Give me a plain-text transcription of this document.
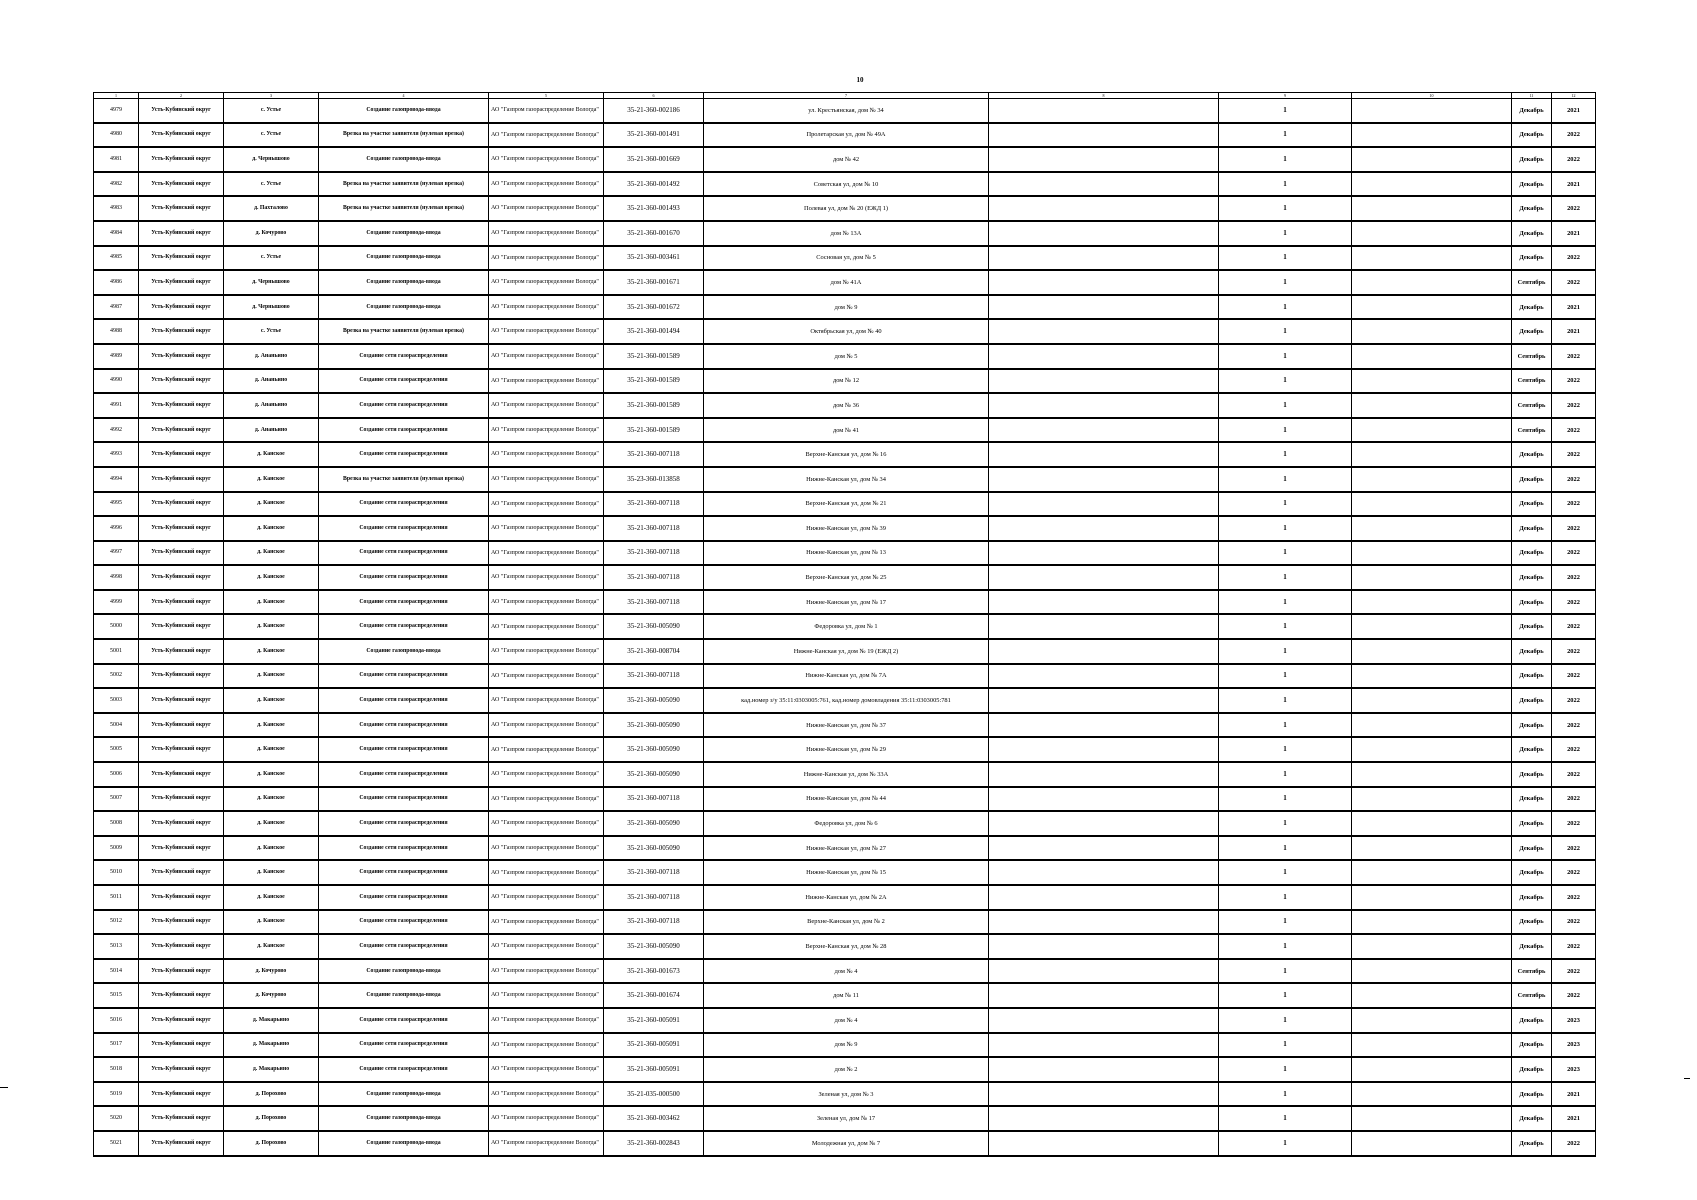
10
1	2	3	4	5	6	7	8	9	10	11	12
4979	Усть-Кубинский округ	с. Устье	Создание газопровода-ввода	АО "Газпром газораспределение Вологда"	35-21-360-002186	ул. Крестьянская, дом № 34		1		Декабрь	2021
4980	Усть-Кубинский округ	с. Устье	Врезка на участке заявителя (нулевая врезка)	АО "Газпром газораспределение Вологда"	35-21-360-001491	Пролетарская ул, дом № 49А		1		Декабрь	2022
4981	Усть-Кубинский округ	д. Чернышово	Создание газопровода-ввода	АО "Газпром газораспределение Вологда"	35-21-360-001669	дом № 42		1		Декабрь	2022
4982	Усть-Кубинский округ	с. Устье	Врезка на участке заявителя (нулевая врезка)	АО "Газпром газораспределение Вологда"	35-21-360-001492	Советская ул, дом № 10		1		Декабрь	2021
4983	Усть-Кубинский округ	д. Пахталово	Врезка на участке заявителя (нулевая врезка)	АО "Газпром газораспределение Вологда"	35-21-360-001493	Полевая ул, дом № 20 (ЕЖД 1)		1		Декабрь	2022
4984	Усть-Кубинский округ	д. Кочурово	Создание газопровода-ввода	АО "Газпром газораспределение Вологда"	35-21-360-001670	дом № 13А		1		Декабрь	2021
4985	Усть-Кубинский округ	с. Устье	Создание газопровода-ввода	АО "Газпром газораспределение Вологда"	35-21-360-003461	Сосновая ул, дом № 5		1		Декабрь	2022
4986	Усть-Кубинский округ	д. Чернышово	Создание газопровода-ввода	АО "Газпром газораспределение Вологда"	35-21-360-001671	дом № 41А		1		Сентябрь	2022
4987	Усть-Кубинский округ	д. Чернышово	Создание газопровода-ввода	АО "Газпром газораспределение Вологда"	35-21-360-001672	дом № 9		1		Декабрь	2021
4988	Усть-Кубинский округ	с. Устье	Врезка на участке заявителя (нулевая врезка)	АО "Газпром газораспределение Вологда"	35-21-360-001494	Октябрьская ул, дом № 40		1		Декабрь	2021
4989	Усть-Кубинский округ	д. Ананьино	Создание сети газораспределения	АО "Газпром газораспределение Вологда"	35-21-360-001589	дом № 5		1		Сентябрь	2022
4990	Усть-Кубинский округ	д. Ананьино	Создание сети газораспределения	АО "Газпром газораспределение Вологда"	35-21-360-001589	дом № 12		1		Сентябрь	2022
4991	Усть-Кубинский округ	д. Ананьино	Создание сети газораспределения	АО "Газпром газораспределение Вологда"	35-21-360-001589	дом № 36		1		Сентябрь	2022
4992	Усть-Кубинский округ	д. Ананьино	Создание сети газораспределения	АО "Газпром газораспределение Вологда"	35-21-360-001589	дом № 41		1		Сентябрь	2022
4993	Усть-Кубинский округ	д. Канское	Создание сети газораспределения	АО "Газпром газораспределение Вологда"	35-21-360-007118	Верхне-Канская ул, дом № 16		1		Декабрь	2022
4994	Усть-Кубинский округ	д. Канское	Врезка на участке заявителя (нулевая врезка)	АО "Газпром газораспределение Вологда"	35-23-360-013858	Нижне-Канская ул, дом № 34		1		Декабрь	2022
4995	Усть-Кубинский округ	д. Канское	Создание сети газораспределения	АО "Газпром газораспределение Вологда"	35-21-360-007118	Верхне-Канская ул, дом № 21		1		Декабрь	2022
4996	Усть-Кубинский округ	д. Канское	Создание сети газораспределения	АО "Газпром газораспределение Вологда"	35-21-360-007118	Нижне-Канская ул, дом № 39		1		Декабрь	2022
4997	Усть-Кубинский округ	д. Канское	Создание сети газораспределения	АО "Газпром газораспределение Вологда"	35-21-360-007118	Нижне-Канская ул, дом № 13		1		Декабрь	2022
4998	Усть-Кубинский округ	д. Канское	Создание сети газораспределения	АО "Газпром газораспределение Вологда"	35-21-360-007118	Верхне-Канская ул, дом № 25		1		Декабрь	2022
4999	Усть-Кубинский округ	д. Канское	Создание сети газораспределения	АО "Газпром газораспределение Вологда"	35-21-360-007118	Нижне-Канская ул, дом № 17		1		Декабрь	2022
5000	Усть-Кубинский округ	д. Канское	Создание сети газораспределения	АО "Газпром газораспределение Вологда"	35-21-360-005090	Федоровка ул, дом № 1		1		Декабрь	2022
5001	Усть-Кубинский округ	д. Канское	Создание газопровода-ввода	АО "Газпром газораспределение Вологда"	35-21-360-008704	Нижне-Канская ул, дом № 19 (ЕЖД 2)		1		Декабрь	2022
5002	Усть-Кубинский округ	д. Канское	Создание сети газораспределения	АО "Газпром газораспределение Вологда"	35-21-360-007118	Нижне-Канская ул, дом № 7А		1		Декабрь	2022
5003	Усть-Кубинский округ	д. Канское	Создание сети газораспределения	АО "Газпром газораспределение Вологда"	35-21-360-005090	кад.номер з/у 35:11:0303005:761, кад.номер домовладения 35:11:0303005:781		1		Декабрь	2022
5004	Усть-Кубинский округ	д. Канское	Создание сети газораспределения	АО "Газпром газораспределение Вологда"	35-21-360-005090	Нижне-Канская ул, дом № 37		1		Декабрь	2022
5005	Усть-Кубинский округ	д. Канское	Создание сети газораспределения	АО "Газпром газораспределение Вологда"	35-21-360-005090	Нижне-Канская ул, дом № 29		1		Декабрь	2022
5006	Усть-Кубинский округ	д. Канское	Создание сети газораспределения	АО "Газпром газораспределение Вологда"	35-21-360-005090	Нижне-Канская ул, дом № 33А		1		Декабрь	2022
5007	Усть-Кубинский округ	д. Канское	Создание сети газораспределения	АО "Газпром газораспределение Вологда"	35-21-360-007118	Нижне-Канская ул, дом № 44		1		Декабрь	2022
5008	Усть-Кубинский округ	д. Канское	Создание сети газораспределения	АО "Газпром газораспределение Вологда"	35-21-360-005090	Федоровка ул, дом № 6		1		Декабрь	2022
5009	Усть-Кубинский округ	д. Канское	Создание сети газораспределения	АО "Газпром газораспределение Вологда"	35-21-360-005090	Нижне-Канская ул, дом № 27		1		Декабрь	2022
5010	Усть-Кубинский округ	д. Канское	Создание сети газораспределения	АО "Газпром газораспределение Вологда"	35-21-360-007118	Нижне-Канская ул, дом № 15		1		Декабрь	2022
5011	Усть-Кубинский округ	д. Канское	Создание сети газораспределения	АО "Газпром газораспределение Вологда"	35-21-360-007118	Нижне-Канская ул, дом № 2А		1		Декабрь	2022
5012	Усть-Кубинский округ	д. Канское	Создание сети газораспределения	АО "Газпром газораспределение Вологда"	35-21-360-007118	Верхне-Канская ул, дом № 2		1		Декабрь	2022
5013	Усть-Кубинский округ	д. Канское	Создание сети газораспределения	АО "Газпром газораспределение Вологда"	35-21-360-005090	Верхне-Канская ул, дом № 28		1		Декабрь	2022
5014	Усть-Кубинский округ	д. Кочурово	Создание газопровода-ввода	АО "Газпром газораспределение Вологда"	35-21-360-001673	дом № 4		1		Сентябрь	2022
5015	Усть-Кубинский округ	д. Кочурово	Создание газопровода-ввода	АО "Газпром газораспределение Вологда"	35-21-360-001674	дом № 11		1		Сентябрь	2022
5016	Усть-Кубинский округ	д. Макарьино	Создание сети газораспределения	АО "Газпром газораспределение Вологда"	35-21-360-005091	дом № 4		1		Декабрь	2023
5017	Усть-Кубинский округ	д. Макарьино	Создание сети газораспределения	АО "Газпром газораспределение Вологда"	35-21-360-005091	дом № 9		1		Декабрь	2023
5018	Усть-Кубинский округ	д. Макарьино	Создание сети газораспределения	АО "Газпром газораспределение Вологда"	35-21-360-005091	дом № 2		1		Декабрь	2023
5019	Усть-Кубинский округ	д. Порохово	Создание газопровода-ввода	АО "Газпром газораспределение Вологда"	35-21-035-000500	Зеленая ул, дом № 3		1		Декабрь	2021
5020	Усть-Кубинский округ	д. Порохово	Создание газопровода-ввода	АО "Газпром газораспределение Вологда"	35-21-360-003462	Зеленая ул, дом № 17		1		Декабрь	2021
5021	Усть-Кубинский округ	д. Порохово	Создание газопровода-ввода	АО "Газпром газораспределение Вологда"	35-21-360-002843	Молодежная ул, дом № 7		1		Декабрь	2022
